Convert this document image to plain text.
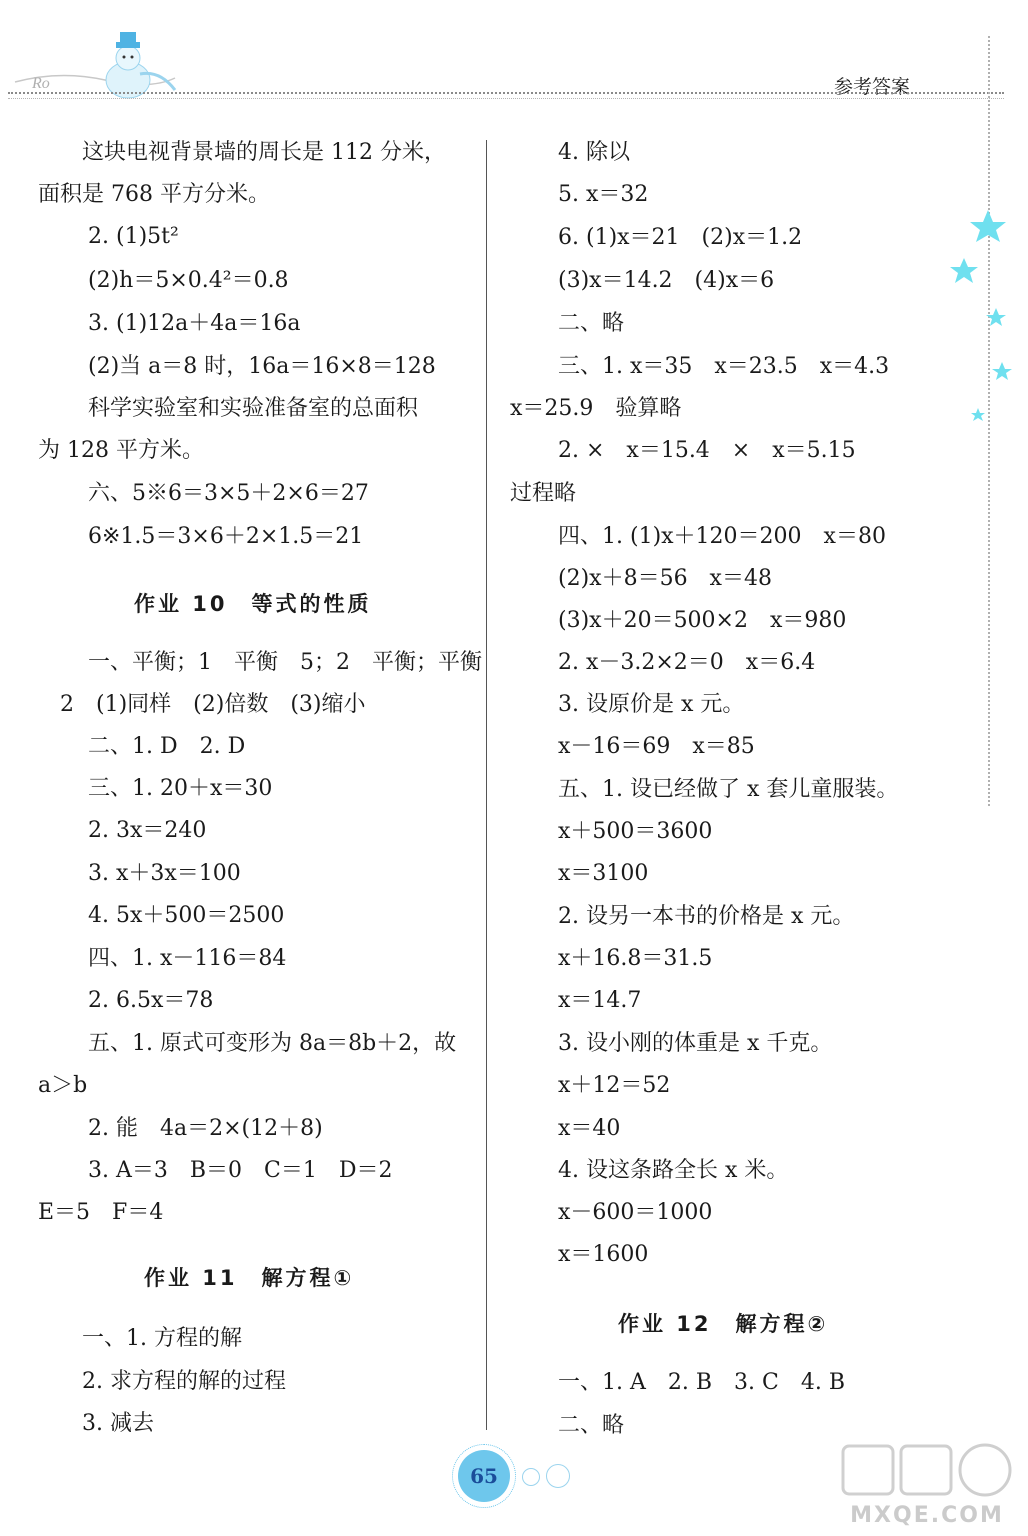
Ro	参考答案
这块电视背景墙的周长是 112 分米，
面积是 768 平方分米。
2. (1)5t²
(2)h＝5×0.4²＝0.8
3. (1)12a＋4a＝16a
(2)当 a＝8 时，16a＝16×8＝128
科学实验室和实验准备室的总面积
为 128 平方米。
六、5※6＝3×5＋2×6＝27
6※1.5＝3×6＋2×1.5＝21
作业 10　等式的性质
一、平衡；1　平衡　5；2　平衡；平衡
2　(1)同样　(2)倍数　(3)缩小
二、1. D　2. D
三、1. 20＋x＝30
2. 3x＝240
3. x＋3x＝100
4. 5x＋500＝2500
四、1. x－116＝84
2. 6.5x＝78
五、1. 原式可变形为 8a＝8b＋2，故
a＞b
2. 能　4a＝2×(12＋8)
3. A＝3　B＝0　C＝1　D＝2
E＝5　F＝4
作业 11　解方程①
一、1. 方程的解
2. 求方程的解的过程
3. 减去
4. 除以
5. x＝32
6. (1)x＝21　(2)x＝1.2
(3)x＝14.2　(4)x＝6
二、略
三、1. x＝35　x＝23.5　x＝4.3
x＝25.9　验算略
2. ×　x＝15.4　×　x＝5.15
过程略
四、1. (1)x＋120＝200　x＝80
(2)x＋8＝56　x＝48
(3)x＋20＝500×2　x＝980
2. x－3.2×2＝0　x＝6.4
3. 设原价是 x 元。
x－16＝69　x＝85
五、1. 设已经做了 x 套儿童服装。
x＋500＝3600
x＝3100
2. 设另一本书的价格是 x 元。
x＋16.8＝31.5
x＝14.7
3. 设小刚的体重是 x 千克。
x＋12＝52
x＝40
4. 设这条路全长 x 米。
x－600＝1000
x＝1600
作业 12　解方程②
一、1. A　2. B　3. C　4. B
二、略
65
MXQE.COM
